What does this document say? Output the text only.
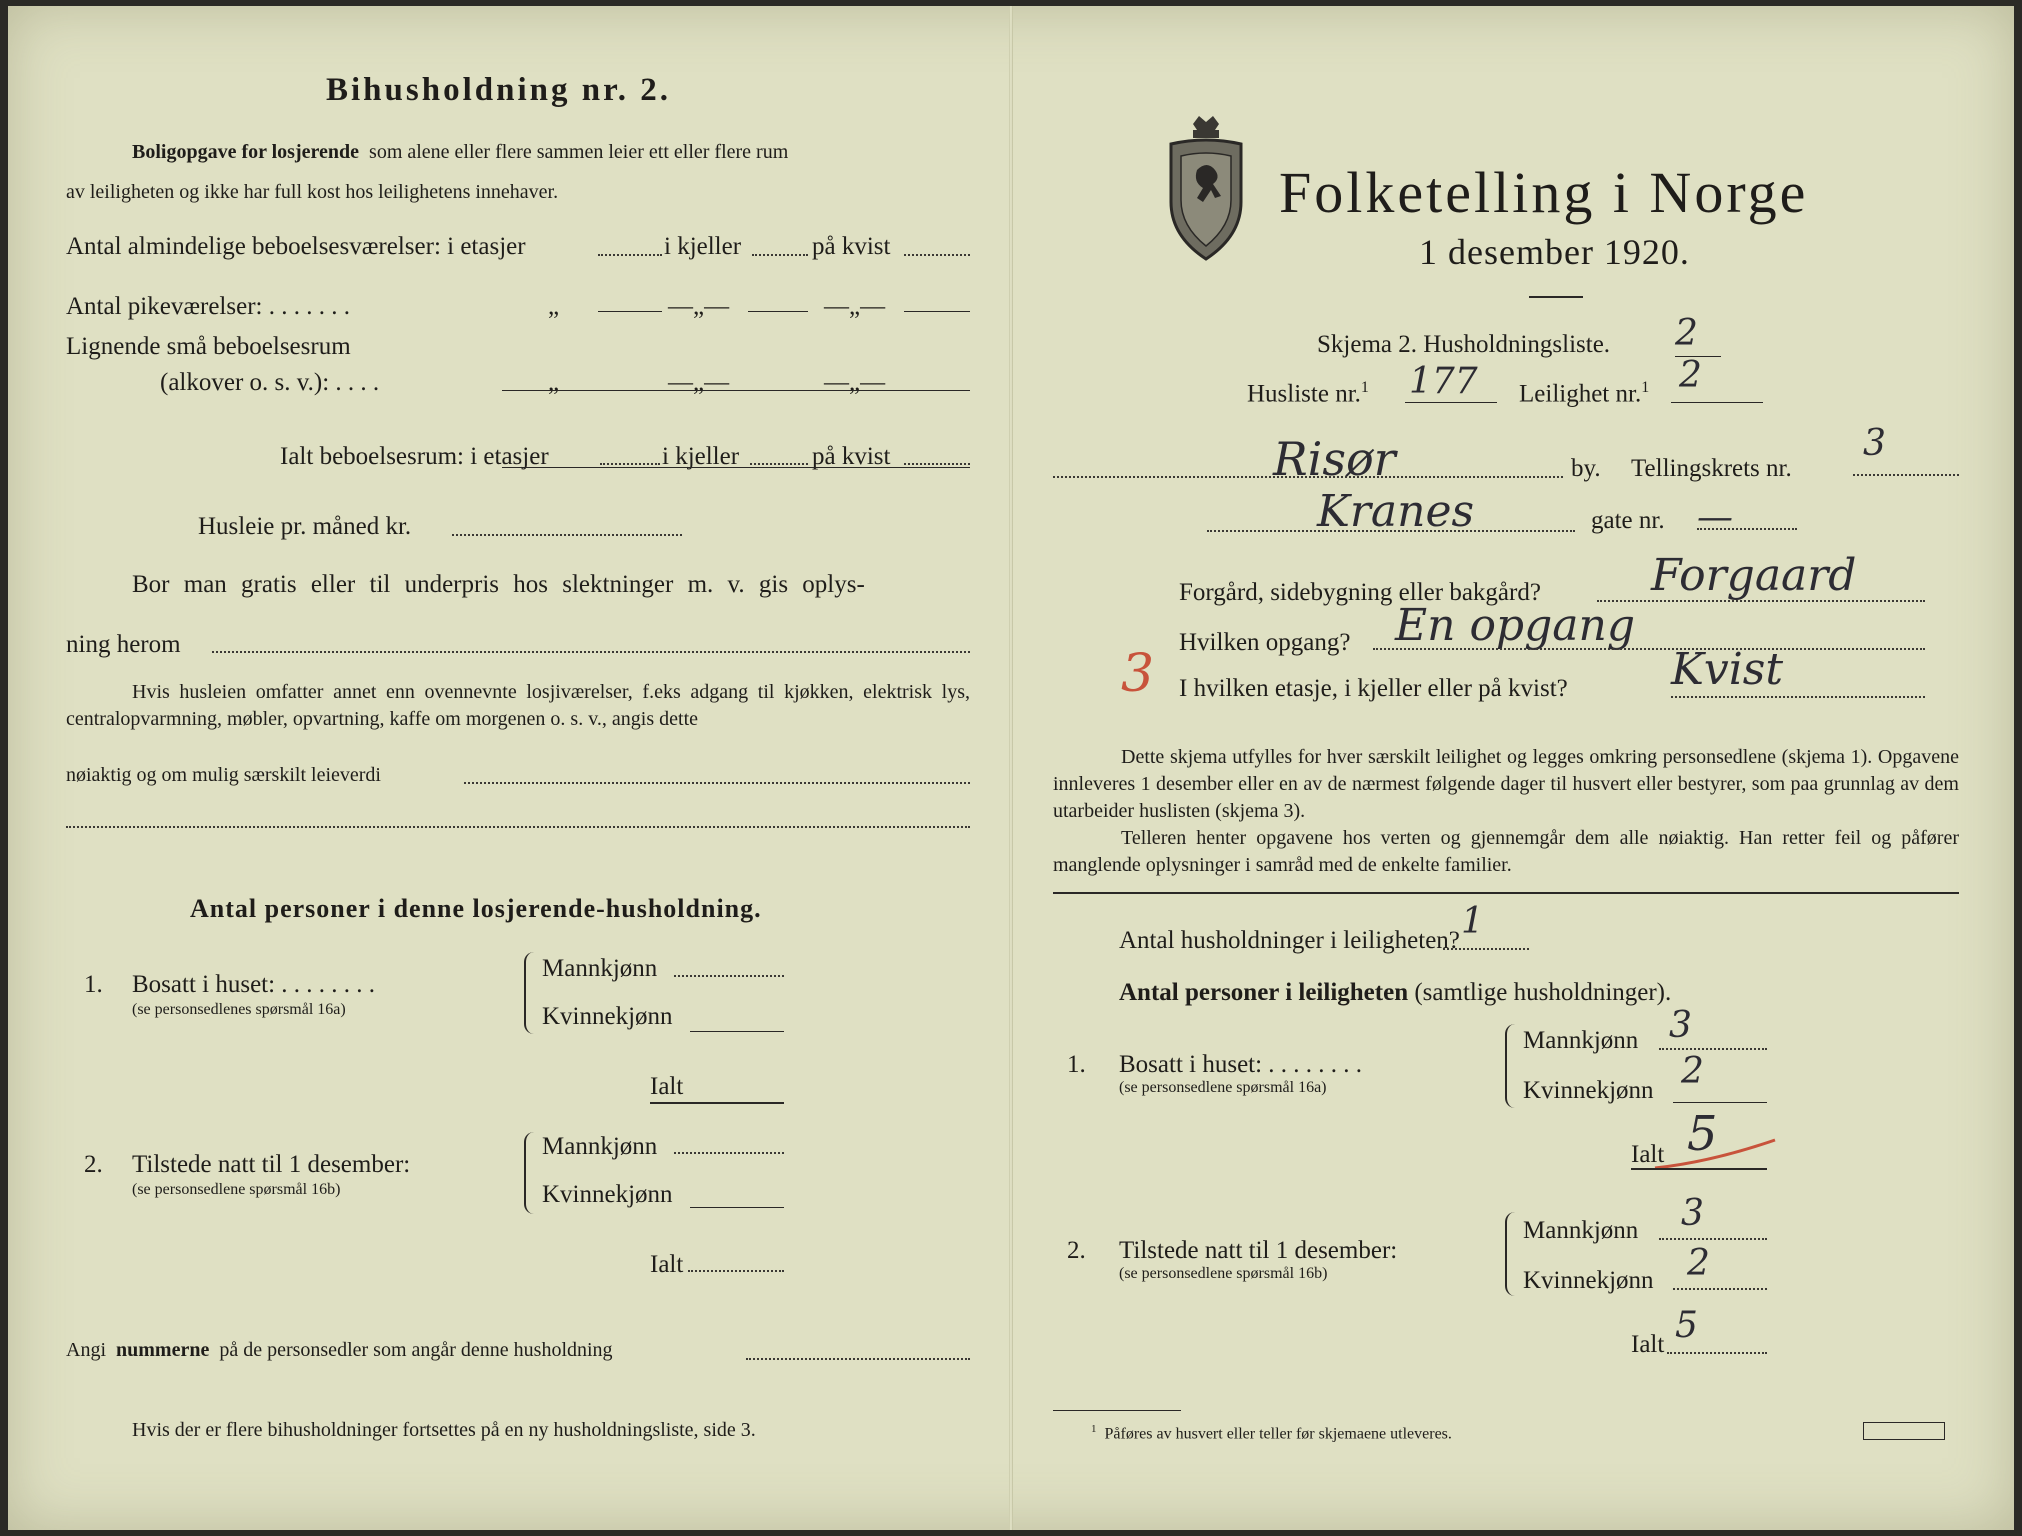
Bihusholdning nr. 2.
Boligopgave for losjerende som alene eller flere sammen leier ett eller flere rum
av leiligheten og ikke har full kost hos leilighetens innehaver.
Antal almindelige beboelsesværelser: i etasjer	i kjeller	på kvist
Antal pikeværelser: . . . . . . .	„	—„—	—„—
Lignende små beboelsesrum
(alkover o. s. v.): . . . .	„	—„—	—„—
Ialt beboelsesrum: i etasjer	i kjeller	på kvist
Husleie pr. måned kr.
Bor man gratis eller til underpris hos slektninger m. v. gis oplys-
ning herom
Hvis husleien omfatter annet enn ovennevnte losjiværelser, f.eks adgang til kjøkken, elektrisk lys, centralopvarmning, møbler, opvartning, kaffe om morgenen o. s. v., angis dette
nøiaktig og om mulig særskilt leieverdi
Antal personer i denne losjerende-husholdning.
1. Bosatt i huset: . . . . . . . .
(se personsedlenes spørsmål 16a)
Mannkjønn
Kvinnekjønn
Ialt
2. Tilstede natt til 1 desember:
(se personsedlene spørsmål 16b)
Mannkjønn
Kvinnekjønn
Ialt
Angi nummerne på de personsedler som angår denne husholdning
Hvis der er flere bihusholdninger fortsettes på en ny husholdningsliste, side 3.
Folketelling i Norge
1 desember 1920.
Skjema 2. Husholdningsliste. 2
Husliste nr.$^1$ 177 Leilighet nr.$^1$ 2
Risør	by. Tellingskrets nr.
3
Kranes	gate nr. —
Forgård, sidebygning eller bakgård?	Forgaard
Hvilken opgang? En opgang
3 I hvilken etasje, i kjeller eller på kvist? Kvist
Dette skjema utfylles for hver særskilt leilighet og legges omkring personsedlene (skjema 1). Opgavene innleveres 1 desember eller en av de nærmest følgende dager til husvert eller bestyrer, som paa grunnlag av dem utarbeider huslisten (skjema 3).
Telleren henter opgavene hos verten og gjennemgår dem alle nøiaktig. Han retter feil og påfører manglende oplysninger i samråd med de enkelte familier.
Antal husholdninger i leiligheten? 1
Antal personer i leiligheten (samtlige husholdninger).
1. Bosatt i huset: . . . . . . . .
(se personsedlene spørsmål 16a)
Mannkjønn 3
Kvinnekjønn 2
Ialt 5
2. Tilstede natt til 1 desember:
(se personsedlene spørsmål 16b)
Mannkjønn 3
Kvinnekjønn 2
Ialt 5
$^1$ Påføres av husvert eller teller før skjemaene utleveres.
